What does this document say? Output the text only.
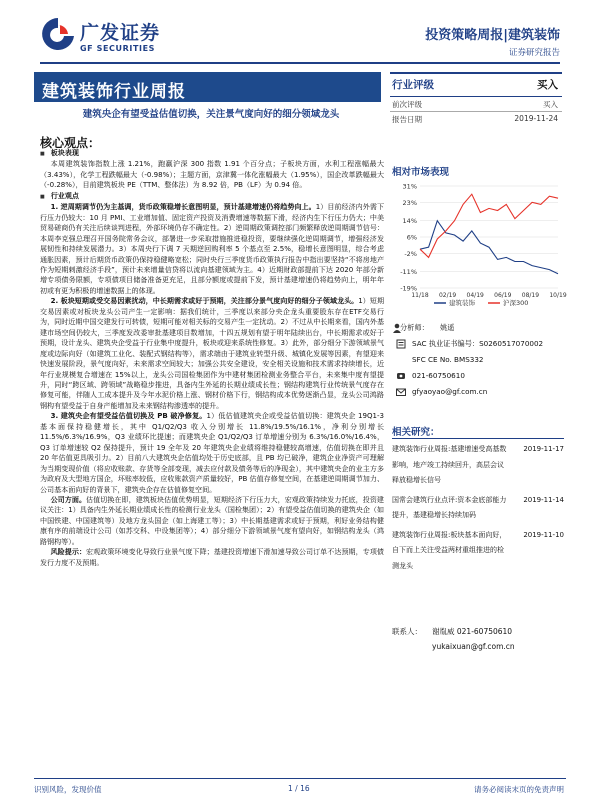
广发证券
GF SECURITIES
投资策略周报|建筑装饰
证券研究报告
建筑装饰行业周报
建筑央企有望受益估值切换，关注景气度向好的细分领域龙头
行业评级	买入
前次评级	买入
报告日期	2019-11-24
核心观点：

■ 板块表现

本周建筑装饰指数上涨 1.21%，跑赢沪深 300 指数 1.91 个百分点；子板块方面，水利工程涨幅最大（3.43%），化学工程跌幅最大（-0.98%）；主题方面，京津冀一体化涨幅最大（1.95%），国企改革跌幅最大（-0.28%），目前建筑板块 PE（TTM、整体法）为 8.92 倍，PB（LF）为 0.94 倍。

■ 行业观点

1. 逆周期调节仍为主基调，货币政策稳增长意图明显，预计基建增速仍将趋势向上。1）目前经济内外需下行压力仍较大：10 月 PMI、工业增加值、固定资产投资及消费增速等数据下滑，经济内生下行压力仍大；中美贸易磋商仍有关注后续谈判进程，外部环境仍存不确定性。2）逆周期政策调控部门频繁释放逆周期调节信号：本周李克强总理召开国务院常务会议，部署进一步采取措施推进稳投资，要继续强化逆周期调节，增强经济发展韧性和持续发展潜力。3）本周央行下调 7 天期逆回购利率 5 个基点至 2.5%，稳增长意图明显，综合考虑通胀因素，预计后期货币政策仍保持稳健略宽松；同时央行三季度货币政策执行报告中指出要坚持“不将房地产作为短期刺激经济手段”，预计未来增量信贷将以流向基建领域为主。4）近期财政部提前下达 2020 年部分新增专项债务限额，专项债项目储备准备更充足，且部分额度或提前下发，预计基建增速仍将趋势向上，明年年初或有更为积极的增速数据上的体现。

2. 板块短期或受交易因素扰动，中长期需求或好于预期，关注部分景气度向好的细分子领域龙头。1）短期交易因素或对板块龙头公司产生一定影响：据我们统计，三季度以来部分央企龙头重要股东存在ETF交易行为，同时近期中国交建发行可转债，短期可能对相关标的交易产生一定扰动。2）不过从中长期来看，国内外基建市场空间仍较大，三季度发改委审批基建项目数增加，十四五规划有望于明年陆续出台，中长期需求或好于预期，设计龙头、建筑央企受益于行业集中度提升，板块或迎来系统性修复。3）此外，部分细分下游领域景气度或边际向好（如建筑工业化、装配式钢结构等），需求端由于建筑业转型升级、城镇化发展等因素，有望迎来快速发展阶段，景气度向好，未来需求空间较大；加强公共安全建设，安全相关设施和技术需求持续增长，近年行业规模复合增速在 15%以上，龙头公司国检集团作为中建材集团检测业务整合平台，未来集中度有望提升，同时“跨区域、跨领域”战略稳步推进，具备内生外延的长期业绩成长性；钢结构建筑行业传统景气度存在修复可能，伴随人工成本提升及今年水泥价格上涨、钢材价格下行，钢结构成本优势逐渐凸显，龙头公司鸿路钢构有望受益于自身产能增加及未来钢结构渗透率的提升。

3. 建筑央企有望受益估值切换及 PB 破净修复。1）低估值建筑央企或受益估值切换：建筑央企 19Q1-3 基本面保持稳健增长，其中 Q1/Q2/Q3 收入分别增长 11.8%/19.5%/16.1%，净利分别增长 11.5%/6.3%/16.9%，Q3 业绩环比提速；而建筑央企 Q1/Q2/Q3 订单增速分别为 6.3%/16.0%/16.4%，Q3 订单增速较 Q2 保持提升，预计 19 全年及 20 年建筑央企业绩将维持稳健较高增速，估值切换在即并且 20 年估值更具吸引力。2）目前八大建筑央企估值均处于历史底部，且 PB 均已破净，建筑企业净资产可理解为当期变现价值（将应收账款、存货等全部变现，减去应付款及债务等后的净现金），其中建筑央企的业主方多为政府及大型地方国企，坏账率较低，应收账款资产质量较好，PB 估值存修复空间，在基建逆周期调节加力、公司基本面向好的背景下，建筑央企存在估值修复空间。

公司方面。估值切换在即，建筑板块估值优势明显，短期经济下行压力大，宏观政策持续发力托底，投资建议关注：1）具备内生外延长期业绩成长性的检测行业龙头（国检集团）；2）有望受益估值切换的建筑央企（如中国铁建、中国建筑等）及地方龙头国企（如上海建工等）；3）中长期基建需求或好于预期，利好业务结构健康有序的前端设计公司（如苏交科、中设集团等）；4）部分细分下游领域景气度有望向好，如钢结构龙头（鸿路钢构等）。

风险提示：宏观政策环境变化导致行业景气度下降；基建投资增速下滑加速导致公司订单不达预期，专项债发行力度不及预期。

相对市场表现
31%
23%
14%
6%
-2%
-11%
-19%
11/18 02/19 04/19 06/19 08/19 10/19
建筑装饰	沪深300
分析师： 姚遥
SAC 执业证书编号：S0260517070002
SFC CE No. BMS332
021-60750610
gfyaoyao@gf.com.cn
相关研究：
建筑装饰行业周报:基建增速受高基数影响，地产竣工持续回升，高层会议释放稳增长信号
2019-11-17
国常会建筑行业点评:资本金底部能力提升，基建稳增长持续加码
2019-11-14
建筑装饰行业周报:板块基本面向好，自下而上关注受益两材重组推进的检测龙头
2019-11-10
联系人： 谢胤威 021-60750610
yukaixuan@gf.com.cn
识别风险，发现价值	1 / 16	请务必阅读末页的免责声明
